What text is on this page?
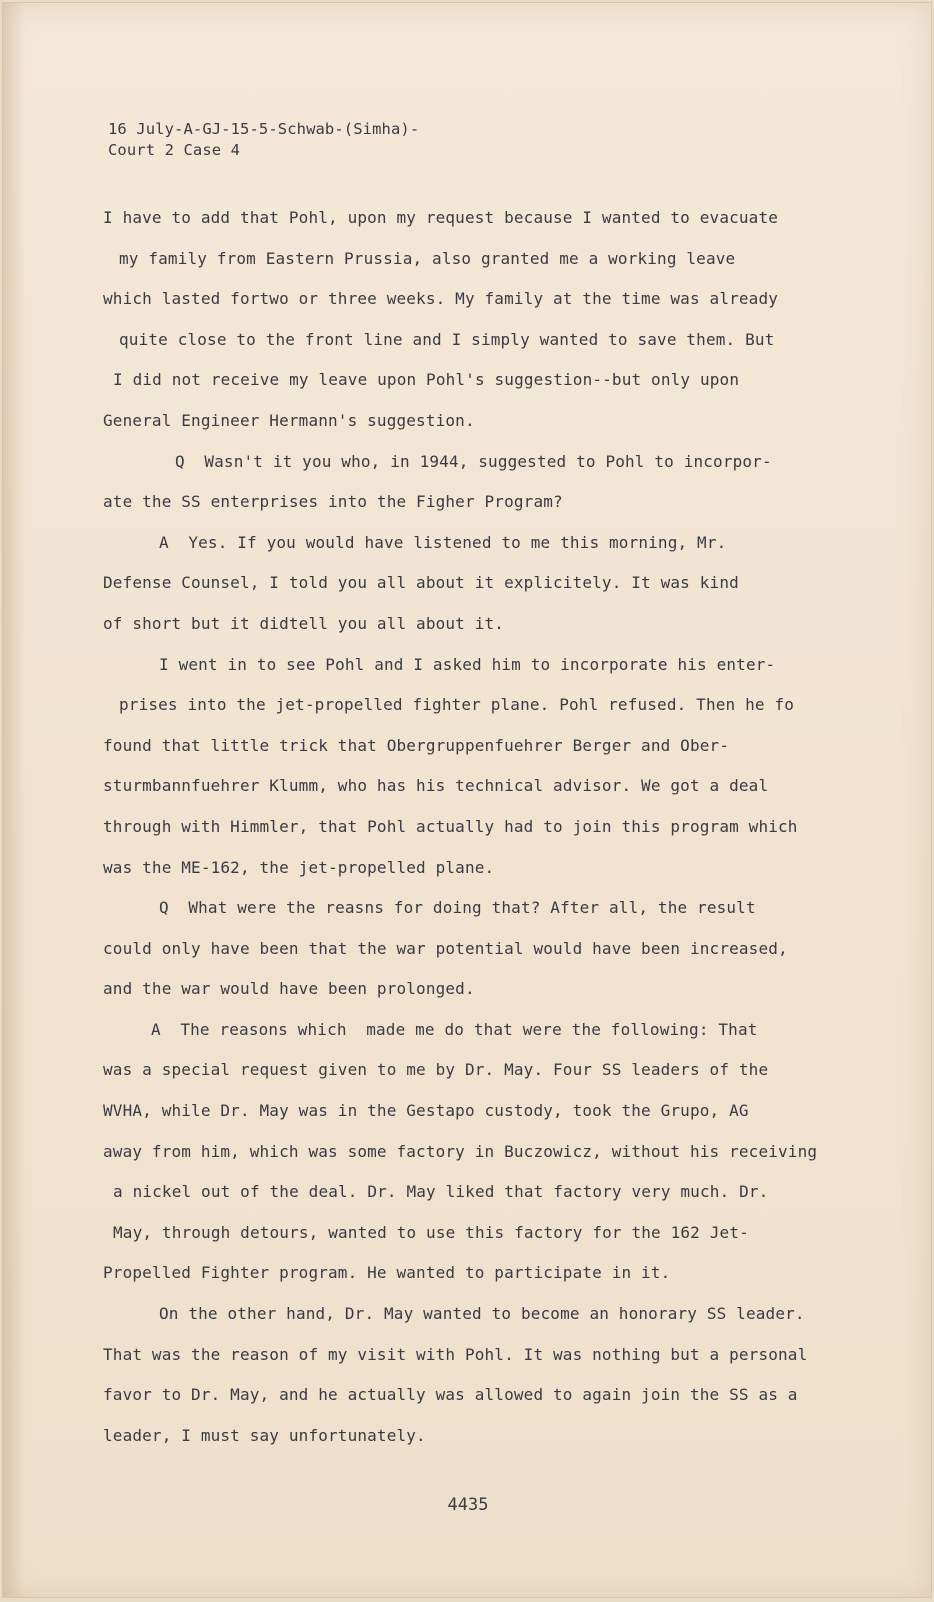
16 July-A-GJ-15-5-Schwab-(Simha)-
Court 2 Case 4
I have to add that Pohl, upon my request because I wanted to evacuate
my family from Eastern Prussia, also granted me a working leave
which lasted fortwo or three weeks. My family at the time was already
quite close to the front line and I simply wanted to save them. But
I did not receive my leave upon Pohl's suggestion--but only upon
General Engineer Hermann's suggestion.
Q  Wasn't it you who, in 1944, suggested to Pohl to incorpor-
ate the SS enterprises into the Figher Program?
A  Yes. If you would have listened to me this morning, Mr.
Defense Counsel, I told you all about it explicitely. It was kind
of short but it didtell you all about it.
I went in to see Pohl and I asked him to incorporate his enter-
prises into the jet-propelled fighter plane. Pohl refused. Then he fo
found that little trick that Obergruppenfuehrer Berger and Ober-
sturmbannfuehrer Klumm, who has his technical advisor. We got a deal
through with Himmler, that Pohl actually had to join this program which
was the ME-162, the jet-propelled plane.
Q  What were the reasns for doing that? After all, the result
could only have been that the war potential would have been increased,
and the war would have been prolonged.
A  The reasons which  made me do that were the following: That
was a special request given to me by Dr. May. Four SS leaders of the
WVHA, while Dr. May was in the Gestapo custody, took the Grupo, AG
away from him, which was some factory in Buczowicz, without his receiving
a nickel out of the deal. Dr. May liked that factory very much. Dr.
May, through detours, wanted to use this factory for the 162 Jet-
Propelled Fighter program. He wanted to participate in it.
On the other hand, Dr. May wanted to become an honorary SS leader.
That was the reason of my visit with Pohl. It was nothing but a personal
favor to Dr. May, and he actually was allowed to again join the SS as a
leader, I must say unfortunately.
4435
